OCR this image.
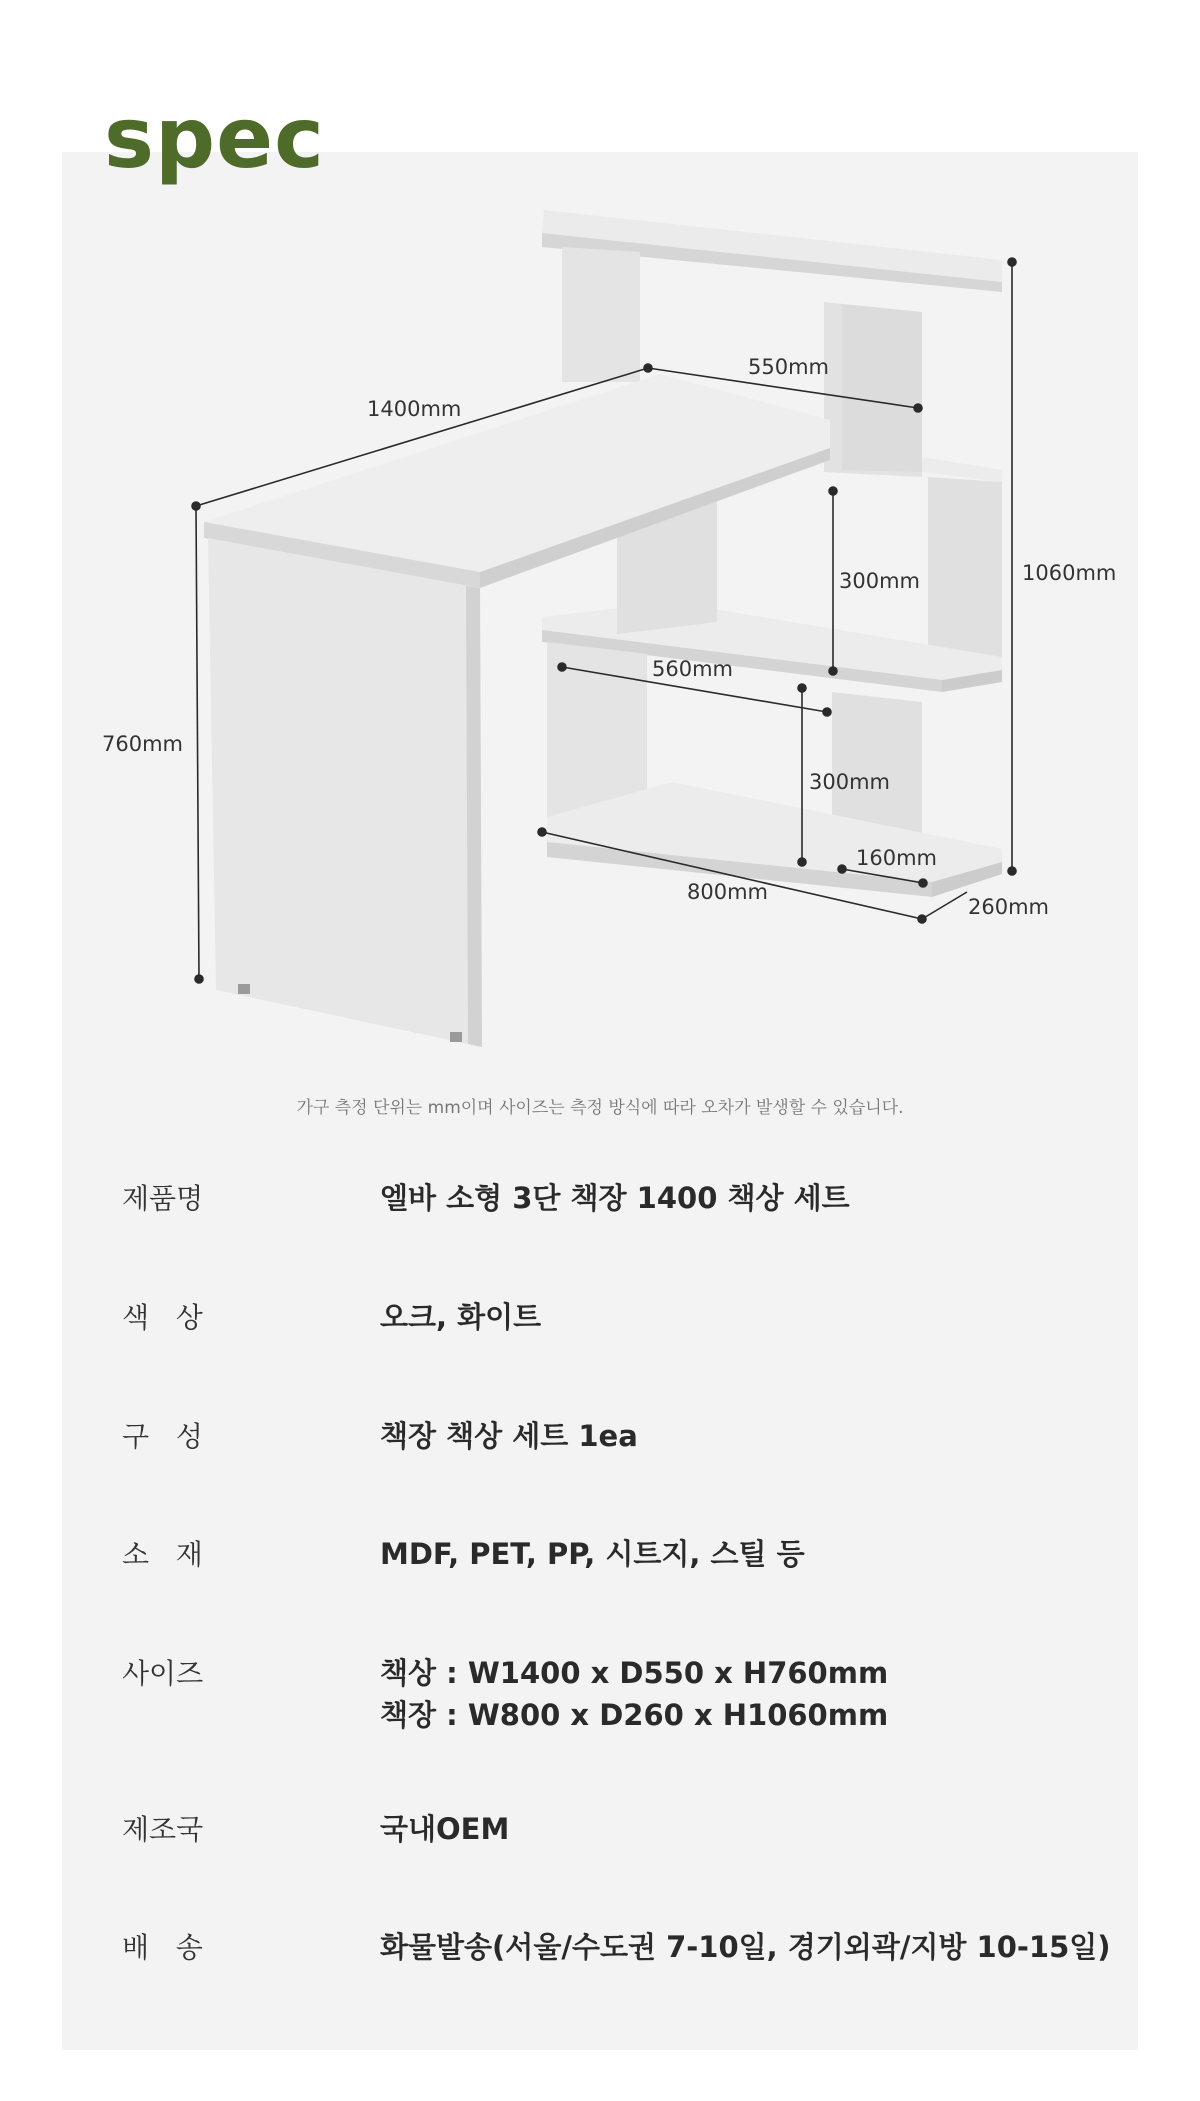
spec
1400mm
550mm
760mm
1060mm
300mm
560mm
300mm
160mm
800mm
260mm

가구 측정 단위는 mm이며 사이즈는 측정 방식에 따라 오차가 발생할 수 있습니다.

제품명	엘바 소형 3단 책장 1400 책상 세트
색   상	오크, 화이트
구   성	책장 책상 세트 1ea
소   재	MDF, PET, PP, 시트지, 스틸 등
사이즈	책상 : W1400 x D550 x H760mm
책장 : W800 x D260 x H1060mm
제조국	국내OEM
배   송	화물발송(서울/수도권 7-10일, 경기외곽/지방 10-15일)
